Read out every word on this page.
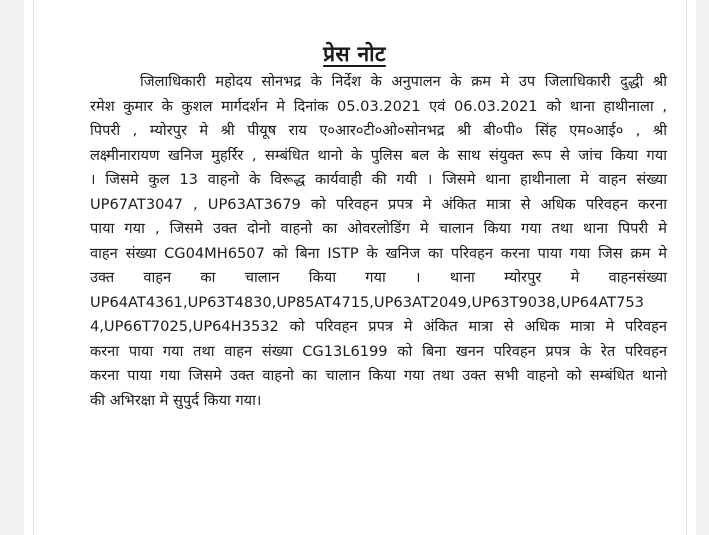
प्रेस नोट
जिलाधिकारी महोदय सोनभद्र के निर्देश के अनुपालन के क्रम मे उप जिलाधिकारी दुद्धी श्री
रमेश कुमार के कुशल मार्गदर्शन मे दिनांक 05.03.2021 एवं 06.03.2021 को थाना हाथीनाला ,
पिपरी , म्योरपुर मे श्री पीयूष राय ए०आर०टी०ओ०सोनभद्र श्री बी०पी० सिंह एम०आई० , श्री
लक्ष्मीनारायण खनिज मुहर्रिर , सम्बंधित थानो के पुलिस बल के साथ संयुक्त रूप से जांच किया गया
। जिसमे कुल 13 वाहनो के विरूद्ध कार्यवाही की गयी । जिसमे थाना हाथीनाला मे वाहन संख्या
UP67AT3047 , UP63AT3679 को परिवहन प्रपत्र मे अंकित मात्रा से अधिक परिवहन करना
पाया गया , जिसमे उक्त दोनो वाहनो का ओवरलोडिंग मे चालान किया गया तथा थाना पिपरी मे
वाहन संख्या CG04MH6507 को बिना ISTP के खनिज का परिवहन करना पाया गया जिस क्रम मे
उक्त वाहन का चालान किया गया । थाना म्योरपुर मे वाहनसंख्या
UP64AT4361,UP63T4830,UP85AT4715,UP63AT2049,UP63T9038,UP64AT753
4,UP66T7025,UP64H3532 को परिवहन प्रपत्र मे अंकित मात्रा से अधिक मात्रा मे परिवहन
करना पाया गया तथा वाहन संख्या CG13L6199 को बिना खनन परिवहन प्रपत्र के रेत परिवहन
करना पाया गया जिसमे उक्त वाहनो का चालान किया गया तथा उक्त सभी वाहनो को सम्बंधित थानो
की अभिरक्षा मे सुपुर्द किया गया।
